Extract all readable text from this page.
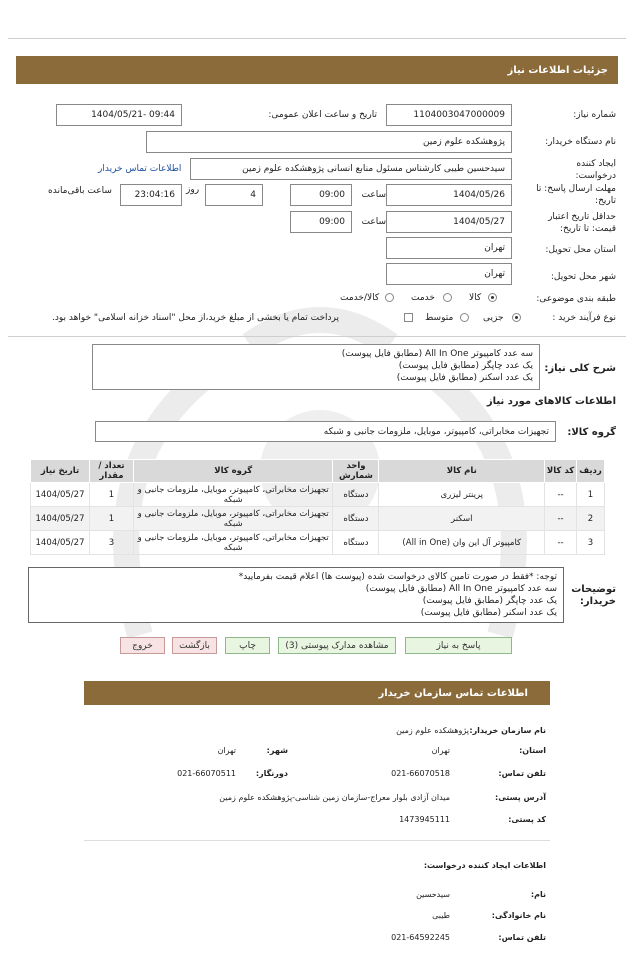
جزئیات اطلاعات نیاز
شماره نیاز:
1104003047000009
تاریخ و ساعت اعلان عمومی:
1404/05/21- 09:44
نام دستگاه خریدار:
پژوهشکده علوم زمین
ایجاد کننده درخواست:
سیدحسین طیبی کارشناس مسئول منابع انسانی پژوهشکده علوم زمین
اطلاعات تماس خریدار
مهلت ارسال پاسخ: تا تاریخ:
1404/05/26
ساعت
09:00
4
روز
23:04:16
ساعت باقی‌مانده
حداقل تاریخ اعتبار قیمت: تا تاریخ:
1404/05/27
ساعت
09:00
استان محل تحویل:
تهران
شهر محل تحویل:
تهران
طبقه بندی موضوعی:
کالا
خدمت
کالا/خدمت
نوع فرآیند خرید :
جزیی
متوسط
پرداخت تمام یا بخشی از مبلغ خرید،از محل "اسناد خزانه اسلامی" خواهد بود.
شرح کلی نیاز:
سه عدد کامپیوتر All In One (مطابق فایل پیوست)
یک عدد چاپگر (مطابق فایل پیوست)
یک عدد اسکنر (مطابق فایل پیوست)
اطلاعات کالاهای مورد نیاز
گروه کالا:
تجهیزات مخابراتی، کامپیوتر، موبایل، ملزومات جانبی و شبکه
ردیف	کد کالا	نام کالا	واحد شمارش	گروه کالا	تعداد / مقدار	تاریخ نیاز
1	--	پرینتر لیزری	دستگاه	تجهیزات مخابراتی، کامپیوتر، موبایل، ملزومات جانبی و شبکه	1	1404/05/27
2	--	اسکنر	دستگاه	تجهیزات مخابراتی، کامپیوتر، موبایل، ملزومات جانبی و شبکه	1	1404/05/27
3	--	کامپیوتر آل این وان (All in One)	دستگاه	تجهیزات مخابراتی، کامپیوتر، موبایل، ملزومات جانبی و شبکه	3	1404/05/27
توضیحات خریدار:
توجه: *فقط در صورت تامین کالای درخواست شده (پیوست ها) اعلام قیمت بفرمایید*
سه عدد کامپیوتر All In One (مطابق فایل پیوست)
یک عدد چاپگر (مطابق فایل پیوست)
یک عدد اسکنر (مطابق فایل پیوست)
پاسخ به نیاز
مشاهده مدارک پیوستی (3)
چاپ
بازگشت
خروج
اطلاعات تماس سازمان خریدار
نام سازمان خریدار:
پژوهشکده علوم زمین
استان:
تهران
شهر:
تهران
تلفن تماس:
021-66070518
دورنگار:
021-66070511
آدرس پستی:
میدان آزادی بلوار معراج-سازمان زمین شناسی-پژوهشکده علوم زمین
کد پستی:
1473945111
اطلاعات ایجاد کننده درخواست:
نام:
سیدحسین
نام خانوادگی:
طیبی
تلفن تماس:
021-64592245
